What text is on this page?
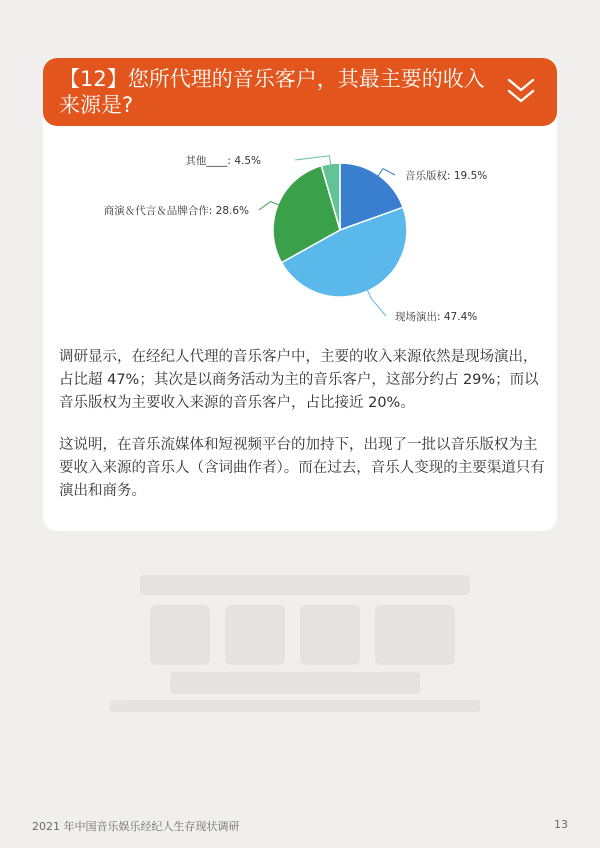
【12】您所代理的音乐客户，其最主要的收入来源是?
音乐版权: 19.5%
现场演出: 47.4%
商演＆代言＆品牌合作: 28.6%
其他____: 4.5%

调研显示，在经纪人代理的音乐客户中，主要的收入来源依然是现场演出，占比超 47%；其次是以商务活动为主的音乐客户，这部分约占 29%；而以音乐版权为主要收入来源的音乐客户，占比接近 20%。

这说明，在音乐流媒体和短视频平台的加持下，出现了一批以音乐版权为主要收入来源的音乐人（含词曲作者）。而在过去，音乐人变现的主要渠道只有演出和商务。

2021 年中国音乐娱乐经纪人生存现状调研	13
